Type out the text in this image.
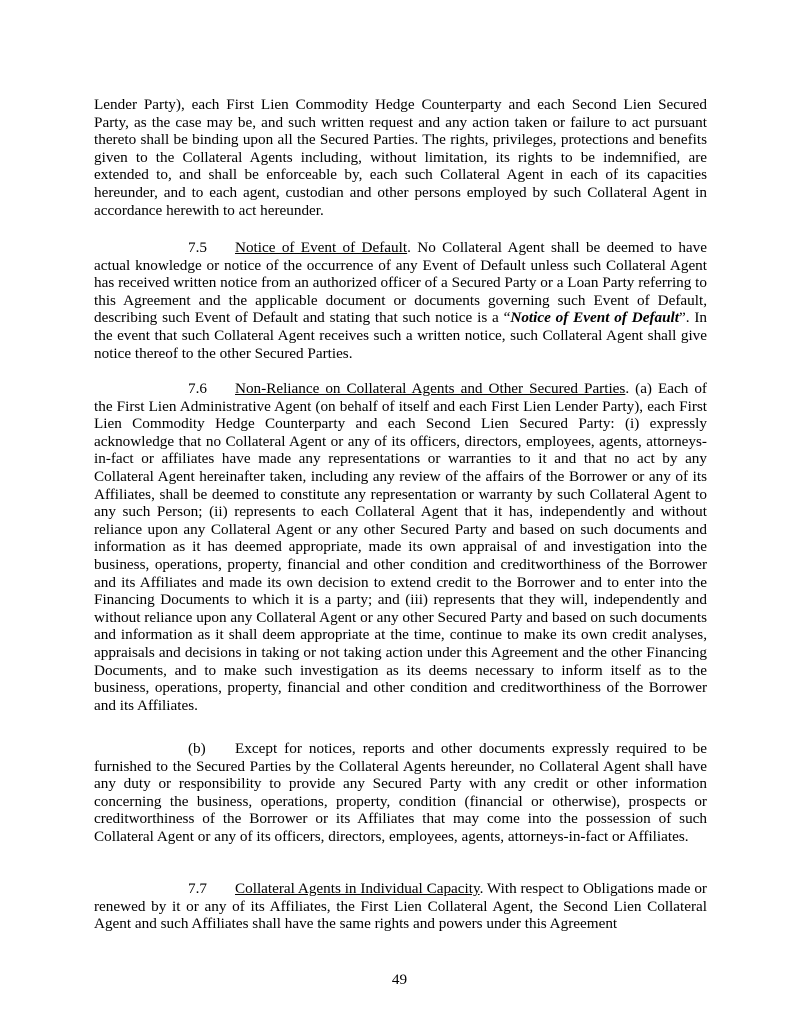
Lender Party), each First Lien Commodity Hedge Counterparty and each Second Lien Secured Party, as the case may be, and such written request and any action taken or failure to act pursuant thereto shall be binding upon all the Secured Parties. The rights, privileges, protections and benefits given to the Collateral Agents including, without limitation, its rights to be indemnified, are extended to, and shall be enforceable by, each such Collateral Agent in each of its capacities hereunder, and to each agent, custodian and other persons employed by such Collateral Agent in accordance herewith to act hereunder.

7.5 Notice of Event of Default. No Collateral Agent shall be deemed to have actual knowledge or notice of the occurrence of any Event of Default unless such Collateral Agent has received written notice from an authorized officer of a Secured Party or a Loan Party referring to this Agreement and the applicable document or documents governing such Event of Default, describing such Event of Default and stating that such notice is a “Notice of Event of Default”. In the event that such Collateral Agent receives such a written notice, such Collateral Agent shall give notice thereof to the other Secured Parties.

7.6 Non-Reliance on Collateral Agents and Other Secured Parties. (a) Each of the First Lien Administrative Agent (on behalf of itself and each First Lien Lender Party), each First Lien Commodity Hedge Counterparty and each Second Lien Secured Party: (i) expressly acknowledge that no Collateral Agent or any of its officers, directors, employees, agents, attorneys-in-fact or affiliates have made any representations or warranties to it and that no act by any Collateral Agent hereinafter taken, including any review of the affairs of the Borrower or any of its Affiliates, shall be deemed to constitute any representation or warranty by such Collateral Agent to any such Person; (ii) represents to each Collateral Agent that it has, independently and without reliance upon any Collateral Agent or any other Secured Party and based on such documents and information as it has deemed appropriate, made its own appraisal of and investigation into the business, operations, property, financial and other condition and creditworthiness of the Borrower and its Affiliates and made its own decision to extend credit to the Borrower and to enter into the Financing Documents to which it is a party; and (iii) represents that they will, independently and without reliance upon any Collateral Agent or any other Secured Party and based on such documents and information as it shall deem appropriate at the time, continue to make its own credit analyses, appraisals and decisions in taking or not taking action under this Agreement and the other Financing Documents, and to make such investigation as its deems necessary to inform itself as to the business, operations, property, financial and other condition and creditworthiness of the Borrower and its Affiliates.

(b) Except for notices, reports and other documents expressly required to be furnished to the Secured Parties by the Collateral Agents hereunder, no Collateral Agent shall have any duty or responsibility to provide any Secured Party with any credit or other information concerning the business, operations, property, condition (financial or otherwise), prospects or creditworthiness of the Borrower or its Affiliates that may come into the possession of such Collateral Agent or any of its officers, directors, employees, agents, attorneys-in-fact or Affiliates.

7.7 Collateral Agents in Individual Capacity. With respect to Obligations made or renewed by it or any of its Affiliates, the First Lien Collateral Agent, the Second Lien Collateral Agent and such Affiliates shall have the same rights and powers under this Agreement

49
